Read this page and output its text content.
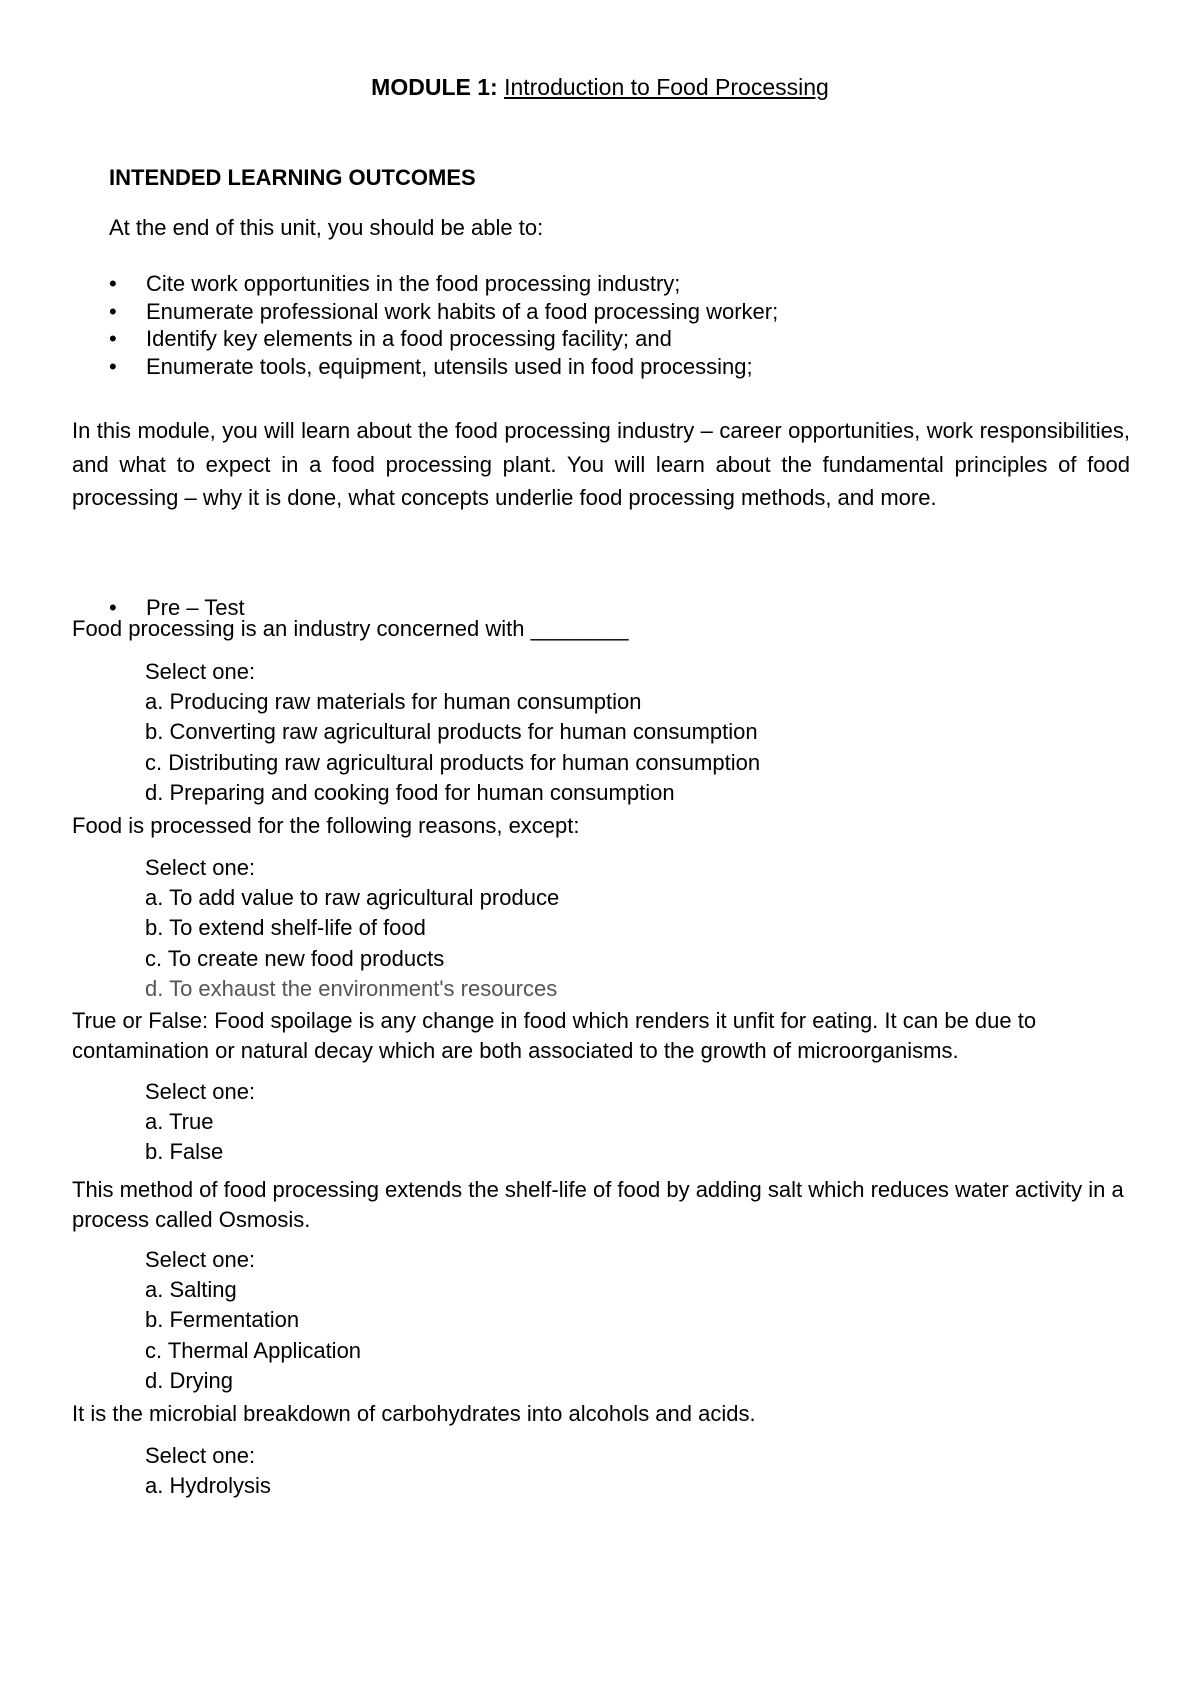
MODULE 1: Introduction to Food Processing
INTENDED LEARNING OUTCOMES
At the end of this unit, you should be able to:
• Cite work opportunities in the food processing industry;
• Enumerate professional work habits of a food processing worker;
• Identify key elements in a food processing facility; and
• Enumerate tools, equipment, utensils used in food processing;

In this module, you will learn about the food processing industry – career opportunities, work responsibilities, and what to expect in a food processing plant. You will learn about the fundamental principles of food processing – why it is done, what concepts underlie food processing methods, and more.

• Pre – Test

Food processing is an industry concerned with ________

Select one:
a. Producing raw materials for human consumption
b. Converting raw agricultural products for human consumption
c. Distributing raw agricultural products for human consumption
d. Preparing and cooking food for human consumption

Food is processed for the following reasons, except:

Select one:
a. To add value to raw agricultural produce
b. To extend shelf-life of food
c. To create new food products
d. To exhaust the environment's resources

True or False: Food spoilage is any change in food which renders it unfit for eating. It can be due to contamination or natural decay which are both associated to the growth of microorganisms.

Select one:
a. True
b. False

This method of food processing extends the shelf-life of food by adding salt which reduces water activity in a process called Osmosis.

Select one:
a. Salting
b. Fermentation
c. Thermal Application
d. Drying

It is the microbial breakdown of carbohydrates into alcohols and acids.

Select one:
a. Hydrolysis
